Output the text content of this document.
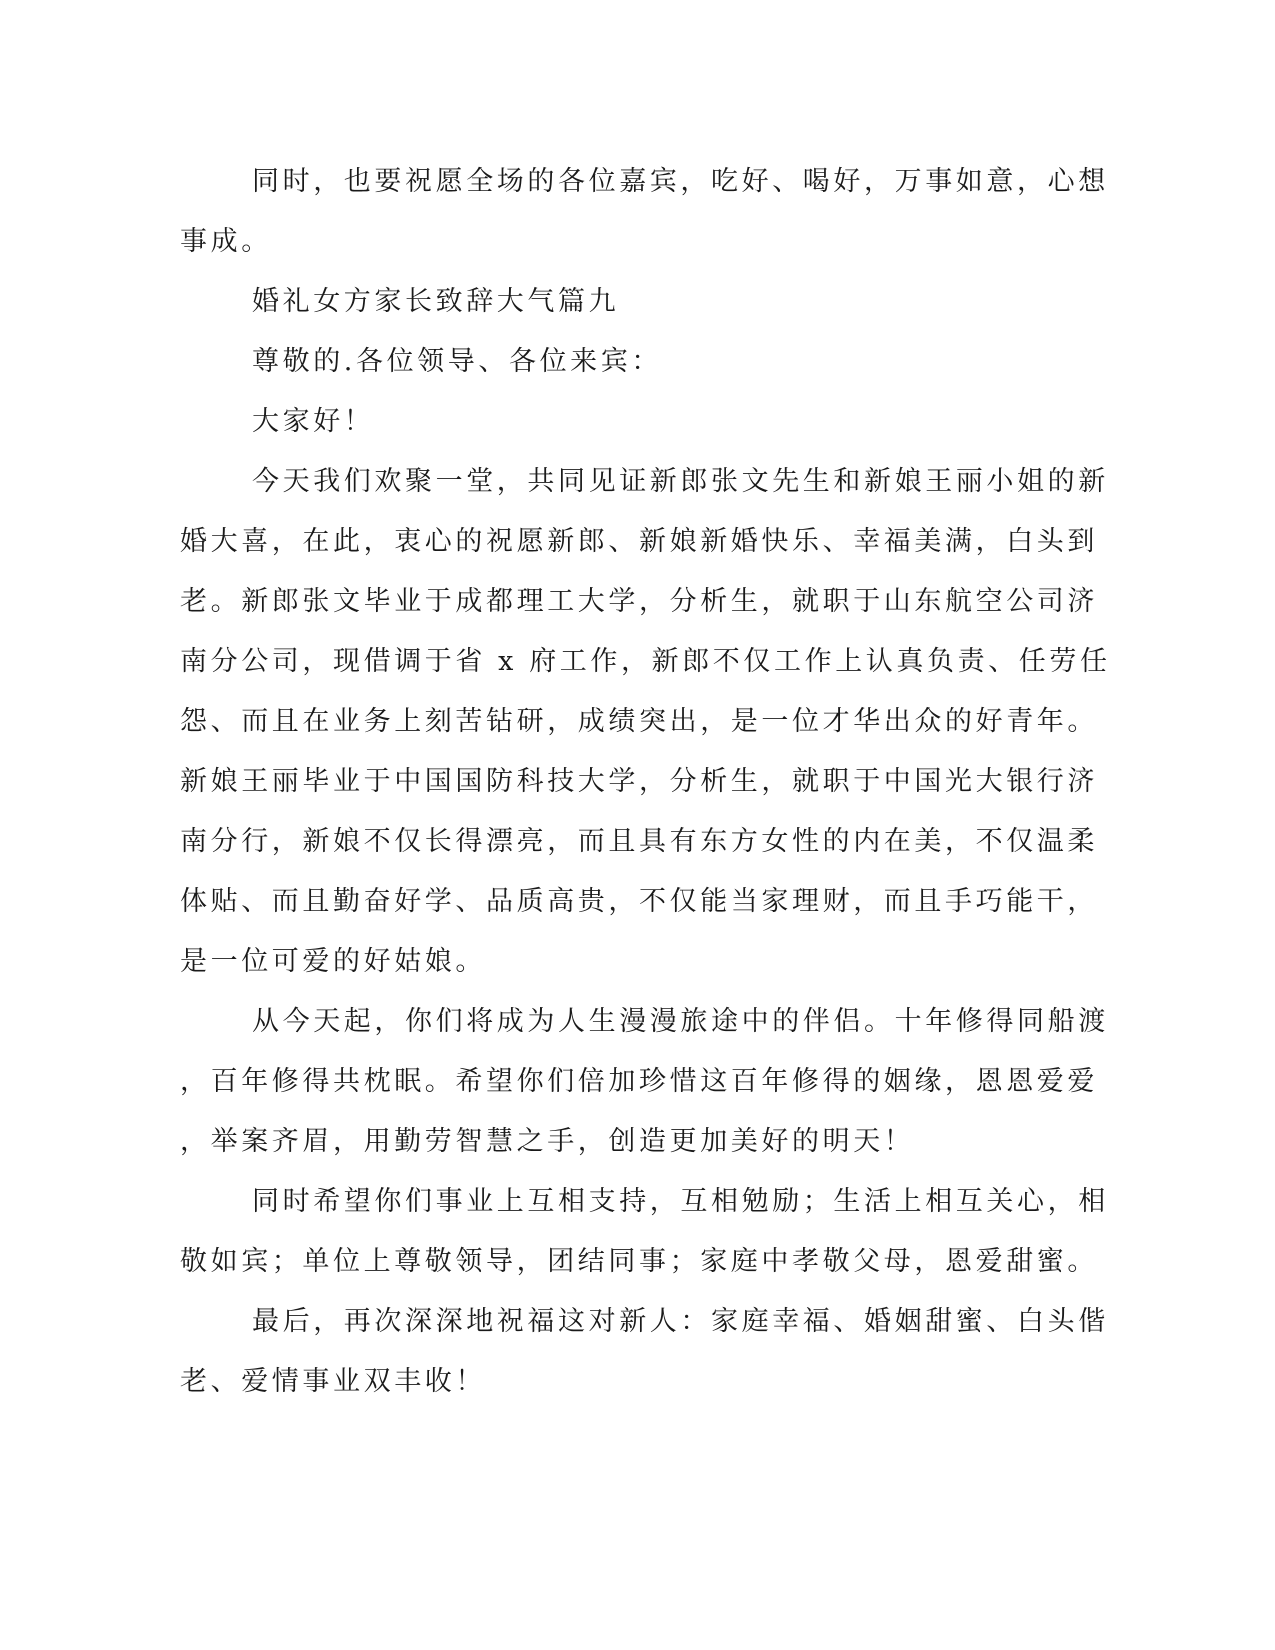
同时，也要祝愿全场的各位嘉宾，吃好、喝好，万事如意，心想

事成。

婚礼女方家长致辞大气篇九

尊敬的.各位领导、各位来宾：

大家好！

今天我们欢聚一堂，共同见证新郎张文先生和新娘王丽小姐的新

婚大喜，在此，衷心的祝愿新郎、新娘新婚快乐、幸福美满，白头到

老。新郎张文毕业于成都理工大学，分析生，就职于山东航空公司济

南分公司，现借调于省 x 府工作，新郎不仅工作上认真负责、任劳任

怨、而且在业务上刻苦钻研，成绩突出，是一位才华出众的好青年。

新娘王丽毕业于中国国防科技大学，分析生，就职于中国光大银行济

南分行，新娘不仅长得漂亮，而且具有东方女性的内在美，不仅温柔

体贴、而且勤奋好学、品质高贵，不仅能当家理财，而且手巧能干，

是一位可爱的好姑娘。

从今天起，你们将成为人生漫漫旅途中的伴侣。十年修得同船渡

，百年修得共枕眠。希望你们倍加珍惜这百年修得的姻缘，恩恩爱爱

，举案齐眉，用勤劳智慧之手，创造更加美好的明天！

同时希望你们事业上互相支持，互相勉励；生活上相互关心，相

敬如宾；单位上尊敬领导，团结同事；家庭中孝敬父母，恩爱甜蜜。

最后，再次深深地祝福这对新人：家庭幸福、婚姻甜蜜、白头偕

老、爱情事业双丰收！
